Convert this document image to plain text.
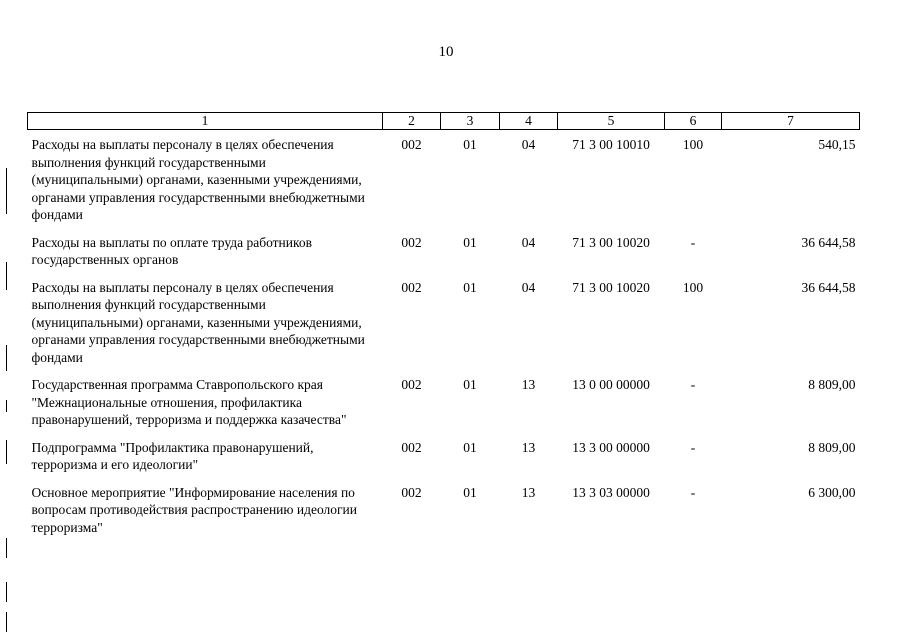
10
1	2	3	4	5	6	7
Расходы на выплаты персоналу в целях обеспечения выполнения функций государственными (муниципальными) органами, казенными учреждениями, органами управления государственными внебюджетными фондами	002	01	04	71 3 00 10010	100	540,15
Расходы на выплаты по оплате труда работников государственных органов	002	01	04	71 3 00 10020	-	36 644,58
Расходы на выплаты персоналу в целях обеспечения выполнения функций государственными (муниципальными) органами, казенными учреждениями, органами управления государственными внебюджетными фондами	002	01	04	71 3 00 10020	100	36 644,58
Государственная программа Ставропольского края "Межнациональные отношения, профилактика правонарушений, терроризма и поддержка казачества"	002	01	13	13 0 00 00000	-	8 809,00
Подпрограмма "Профилактика правонарушений, терроризма и его идеологии"	002	01	13	13 3 00 00000	-	8 809,00
Основное мероприятие "Информирование населения по вопросам противодействия распространению идеологии терроризма"	002	01	13	13 3 03 00000	-	6 300,00
